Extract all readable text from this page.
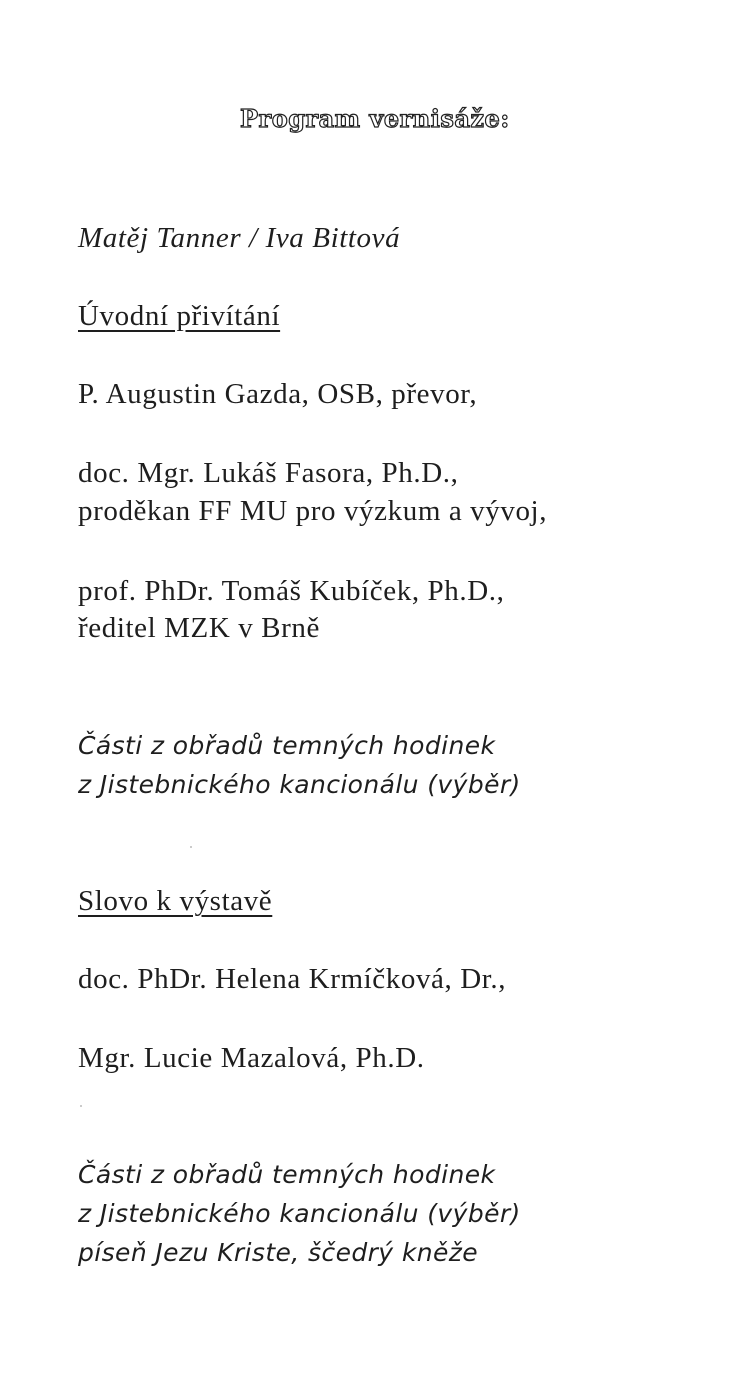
Program vernisáže:
Matěj Tanner / Iva Bittová
Úvodní přivítání
P. Augustin Gazda, OSB, převor,
doc. Mgr. Lukáš Fasora, Ph.D.,
proděkan FF MU pro výzkum a vývoj,
prof. PhDr. Tomáš Kubíček, Ph.D.,
ředitel MZK v Brně
Části z obřadů temných hodinek
z Jistebnického kancionálu (výběr)
Slovo k výstavě
doc. PhDr. Helena Krmíčková, Dr.,
Mgr. Lucie Mazalová, Ph.D.
Části z obřadů temných hodinek
z Jistebnického kancionálu (výběr)
píseň Jezu Kriste, ščedrý kněže
